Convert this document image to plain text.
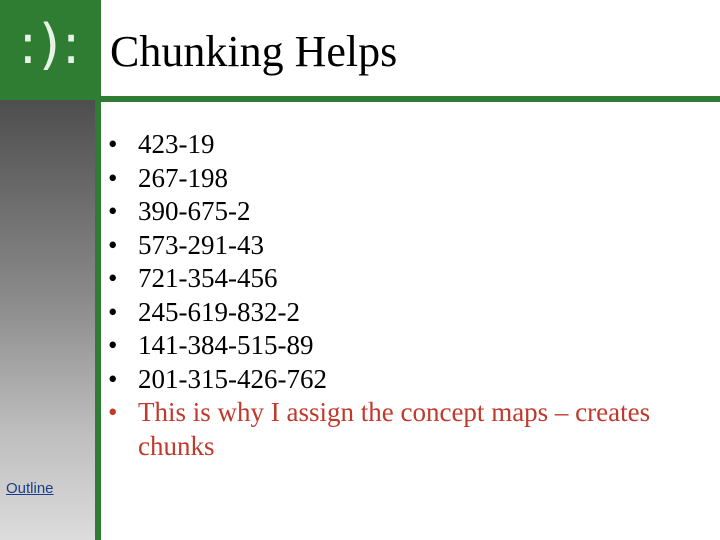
:): Chunking Helps
Outline
• 423-19
• 267-198
• 390-675-2
• 573-291-43
• 721-354-456
• 245-619-832-2
• 141-384-515-89
• 201-315-426-762
• This is why I assign the concept maps – creates chunks
